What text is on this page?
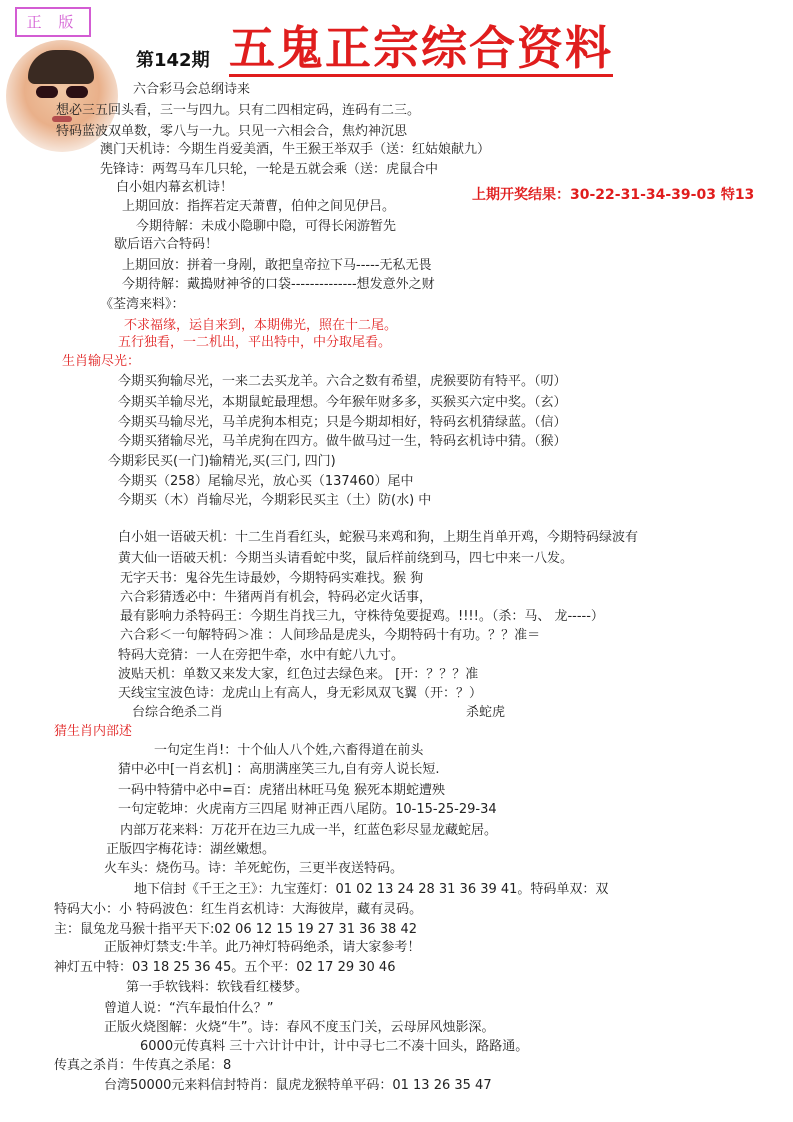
正 版
第142期 五鬼正宗综合资料
上期开奖结果：30-22-31-34-39-03 特13
六合彩马会总纲诗来
想必三五回头看，三一与四九。只有二四相定码，连码有二三。
特码蓝波双单数，零八与一九。只见一六相会合，焦灼神沉思
澳门天机诗：今期生肖爱美酒，牛王猴王举双手（送：红姑娘献九）
先锋诗：两驾马车几只轮，一轮是五就会乘（送：虎鼠合中
白小姐内幕玄机诗！
上期回放：指挥若定天萧曹，伯仲之间见伊吕。
今期待解：未成小隐聊中隐，可得长闲游暂先
歇后语六合特码！
上期回放：拼着一身剐，敢把皇帝拉下马-----无私无畏
今期待解：戴搗财神爷的口袋--------------想发意外之财
《荃湾来料》：
不求福缘，运自来到，本期佛光，照在十二尾。
五行独看，一二机出，平出特中，中分取尾看。
生肖输尽光：
今期买狗输尽光，一来二去买龙羊。六合之数有希望，虎猴要防有特平。（叨）
今期买羊输尽光，本期鼠蛇最理想。今年猴年财多多，买猴买六定中奖。（玄）
今期买马输尽光，马羊虎狗本相克；只是今期却相好，特码玄机猜绿蓝。（信）
今期买猪输尽光，马羊虎狗在四方。做牛做马过一生，特码玄机诗中猜。（猴）
今期彩民买(一门)输精光,买(三门, 四门)
今期买（258）尾输尽光，放心买（137460）尾中
今期买（木）肖输尽光，今期彩民买主（土）防(水) 中
白小姐一语破天机：十二生肖看红头，蛇猴马来鸡和狗，上期生肖单开鸡，今期特码绿波有
黄大仙一语破天机：今期当头请看蛇中奖，鼠后样前绕到马，四七中来一八发。
无字天书：鬼谷先生诗最妙，今期特码实难找。猴 狗
六合彩猜透必中：牛猪两肖有机会，特码必定火话事，
最有影响力杀特码王：今期生肖找三九，守株待兔要捉鸡。!!!!。（杀：马、 龙-----）
六合彩＜一句解特码＞准 ：人间珍品是虎头，今期特码十有功。？？准＝
特码大竞猜：一人在旁把牛牵，水中有蛇八九寸。
波贴天机：单数又来发大家，红色过去绿色来。 [开：？？？准
天线宝宝波色诗：龙虎山上有高人，身无彩凤双飞翼（开：？）
台综合绝杀二肖	杀蛇虎
猜生肖内部述
一句定生肖!：十个仙人八个姓,六畜得道在前头
猜中必中[一肖玄机] ：高朋满座笑三九,自有旁人说长短.
一码中特猜中必中=百：虎猪出林旺马兔 猴死本期蛇遭殃
一句定乾坤：火虎南方三四尾 财神正西八尾防。10-15-25-29-34
内部万花来料：万花开在边三九成一半，红蓝色彩尽显龙藏蛇居。
正版四字梅花诗：湖丝嫩想。
火车头：烧伤马。诗：羊死蛇伤，三更半夜送特码。
地下信封《千王之王》：九宝莲灯：01 02 13 24 28 31 36 39 41。特码单双：双
特码大小：小 特码波色：红生肖玄机诗：大海彼岸，藏有灵码。
主：鼠兔龙马猴十指平天下:02 06 12 15 19 27 31 36 38 42
正版神灯禁支:牛羊。此乃神灯特码绝杀，请大家参考！
神灯五中特：03 18 25 36 45。五个平：02 17 29 30 46
第一手软钱料：软钱看红楼梦。
曾道人说：“汽车最怕什么？”
正版火烧图解：火烧“牛”。诗：春风不度玉门关，云母屏风烛影深。
6000元传真料 三十六计计中计，计中寻七二不凑十回头，路路通。
传真之杀肖：牛传真之杀尾：8
台湾50000元来料信封特肖：鼠虎龙猴特单平码：01 13 26 35 47
